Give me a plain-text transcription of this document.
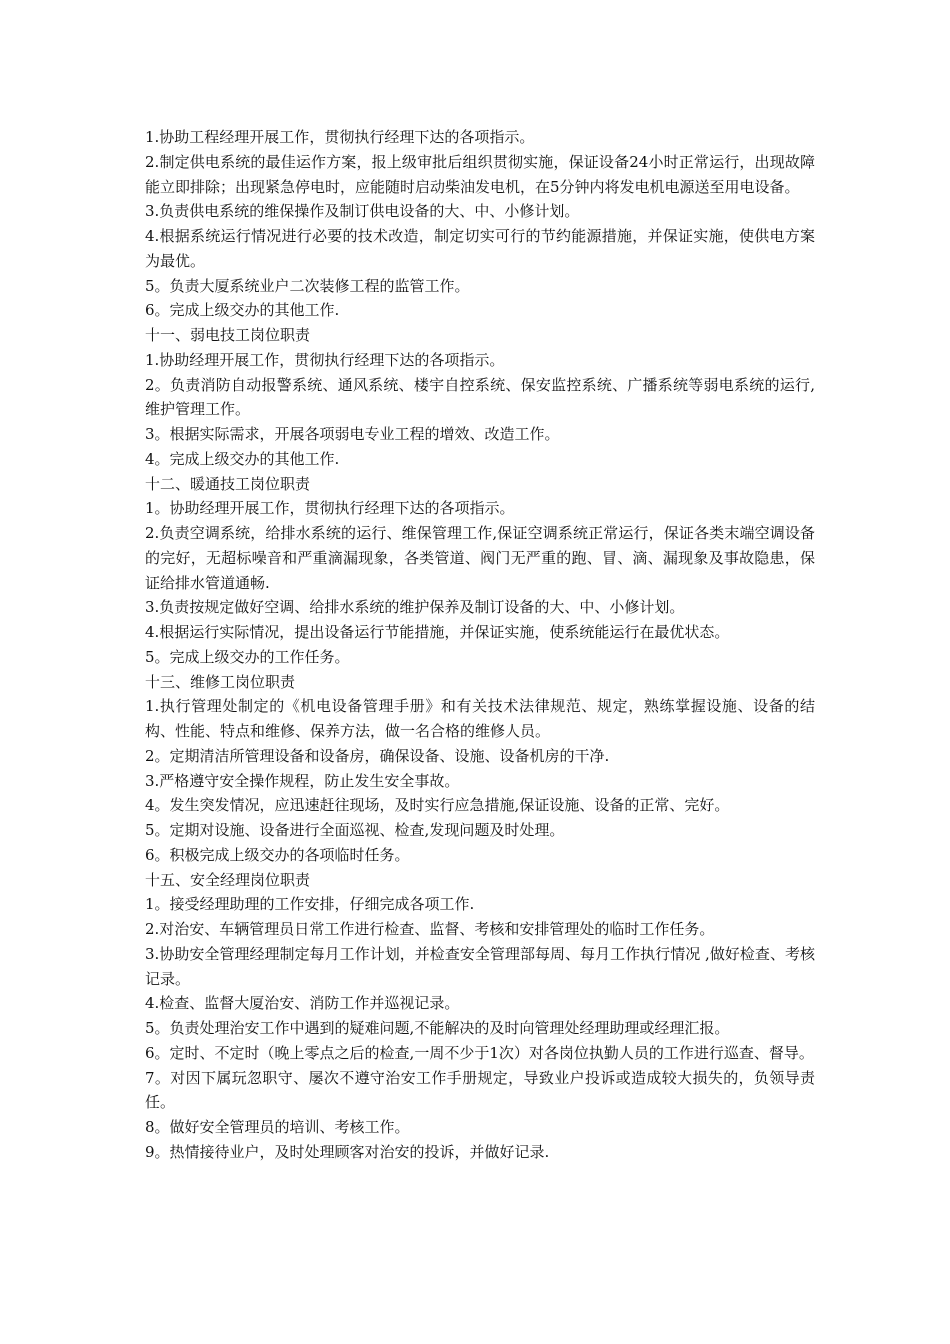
1.协助工程经理开展工作，贯彻执行经理下达的各项指示。

2.制定供电系统的最佳运作方案，报上级审批后组织贯彻实施，保证设备24小时正常运行，出现故障能立即排除；出现紧急停电时，应能随时启动柴油发电机，在5分钟内将发电机电源送至用电设备。

3.负责供电系统的维保操作及制订供电设备的大、中、小修计划。

4.根据系统运行情况进行必要的技术改造，制定切实可行的节约能源措施，并保证实施，使供电方案为最优。

5。负责大厦系统业户二次装修工程的监管工作。

6。完成上级交办的其他工作.

十一、弱电技工岗位职责

1.协助经理开展工作，贯彻执行经理下达的各项指示。

2。负责消防自动报警系统、通风系统、楼宇自控系统、保安监控系统、广播系统等弱电系统的运行,维护管理工作。

3。根据实际需求，开展各项弱电专业工程的增效、改造工作。

4。完成上级交办的其他工作.

十二、暖通技工岗位职责

1。协助经理开展工作，贯彻执行经理下达的各项指示。

2.负责空调系统，给排水系统的运行、维保管理工作,保证空调系统正常运行，保证各类末端空调设备的完好，无超标噪音和严重滴漏现象，各类管道、阀门无严重的跑、冒、滴、漏现象及事故隐患，保证给排水管道通畅.

3.负责按规定做好空调、给排水系统的维护保养及制订设备的大、中、小修计划。

4.根据运行实际情况，提出设备运行节能措施，并保证实施，使系统能运行在最优状态。

5。完成上级交办的工作任务。

十三、维修工岗位职责

1.执行管理处制定的《机电设备管理手册》和有关技术法律规范、规定，熟练掌握设施、设备的结构、性能、特点和维修、保养方法，做一名合格的维修人员。

2。定期清洁所管理设备和设备房，确保设备、设施、设备机房的干净.

3.严格遵守安全操作规程，防止发生安全事故。

4。发生突发情况，应迅速赶往现场，及时实行应急措施,保证设施、设备的正常、完好。

5。定期对设施、设备进行全面巡视、检查,发现问题及时处理。

6。积极完成上级交办的各项临时任务。

十五、安全经理岗位职责

1。接受经理助理的工作安排，仔细完成各项工作.

2.对治安、车辆管理员日常工作进行检查、监督、考核和安排管理处的临时工作任务。

3.协助安全管理经理制定每月工作计划，并检查安全管理部每周、每月工作执行情况 ,做好检查、考核记录。

4.检查、监督大厦治安、消防工作并巡视记录。

5。负责处理治安工作中遇到的疑难问题,不能解决的及时向管理处经理助理或经理汇报。

6。定时、不定时（晚上零点之后的检查,一周不少于1次）对各岗位执勤人员的工作进行巡查、督导。

7。对因下属玩忽职守、屡次不遵守治安工作手册规定，导致业户投诉或造成较大损失的，负领导责任。

8。做好安全管理员的培训、考核工作。

9。热情接待业户，及时处理顾客对治安的投诉，并做好记录.
